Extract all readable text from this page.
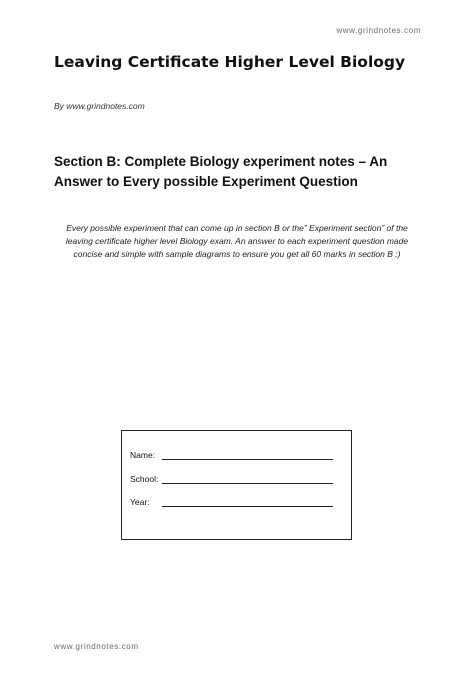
www.grindnotes.com
Leaving Certificate Higher Level Biology
By www.grindnotes.com
Section B: Complete Biology experiment notes – An Answer to Every possible Experiment Question

Every possible experiment that can come up in section B or the” Experiment section” of the leaving certificate higher level Biology exam. An answer to each experiment question made concise and simple with sample diagrams to ensure you get all 60 marks in section B :)

Name:
School:
Year:
www.grindnotes.com
